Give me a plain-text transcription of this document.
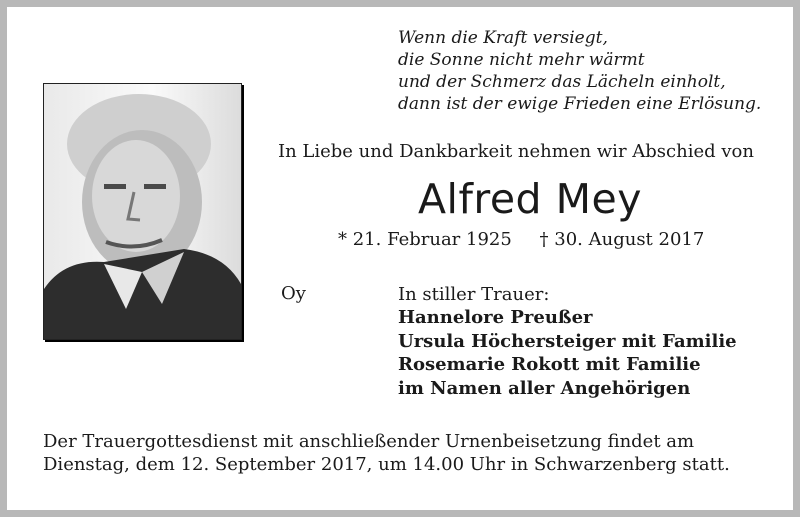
Wenn die Kraft versiegt,
die Sonne nicht mehr wärmt
und der Schmerz das Lächeln einholt,
dann ist der ewige Frieden eine Erlösung.
In Liebe und Dankbarkeit nehmen wir Abschied von
Alfred Mey
* 21. Februar 1925 † 30. August 2017
Oy	In stiller Trauer:
Hannelore Preußer
Ursula Höchersteiger mit Familie
Rosemarie Rokott mit Familie
im Namen aller Angehörigen
Der Trauergottesdienst mit anschließender Urnenbeisetzung findet am
Dienstag, dem 12. September 2017, um 14.00 Uhr in Schwarzenberg statt.
